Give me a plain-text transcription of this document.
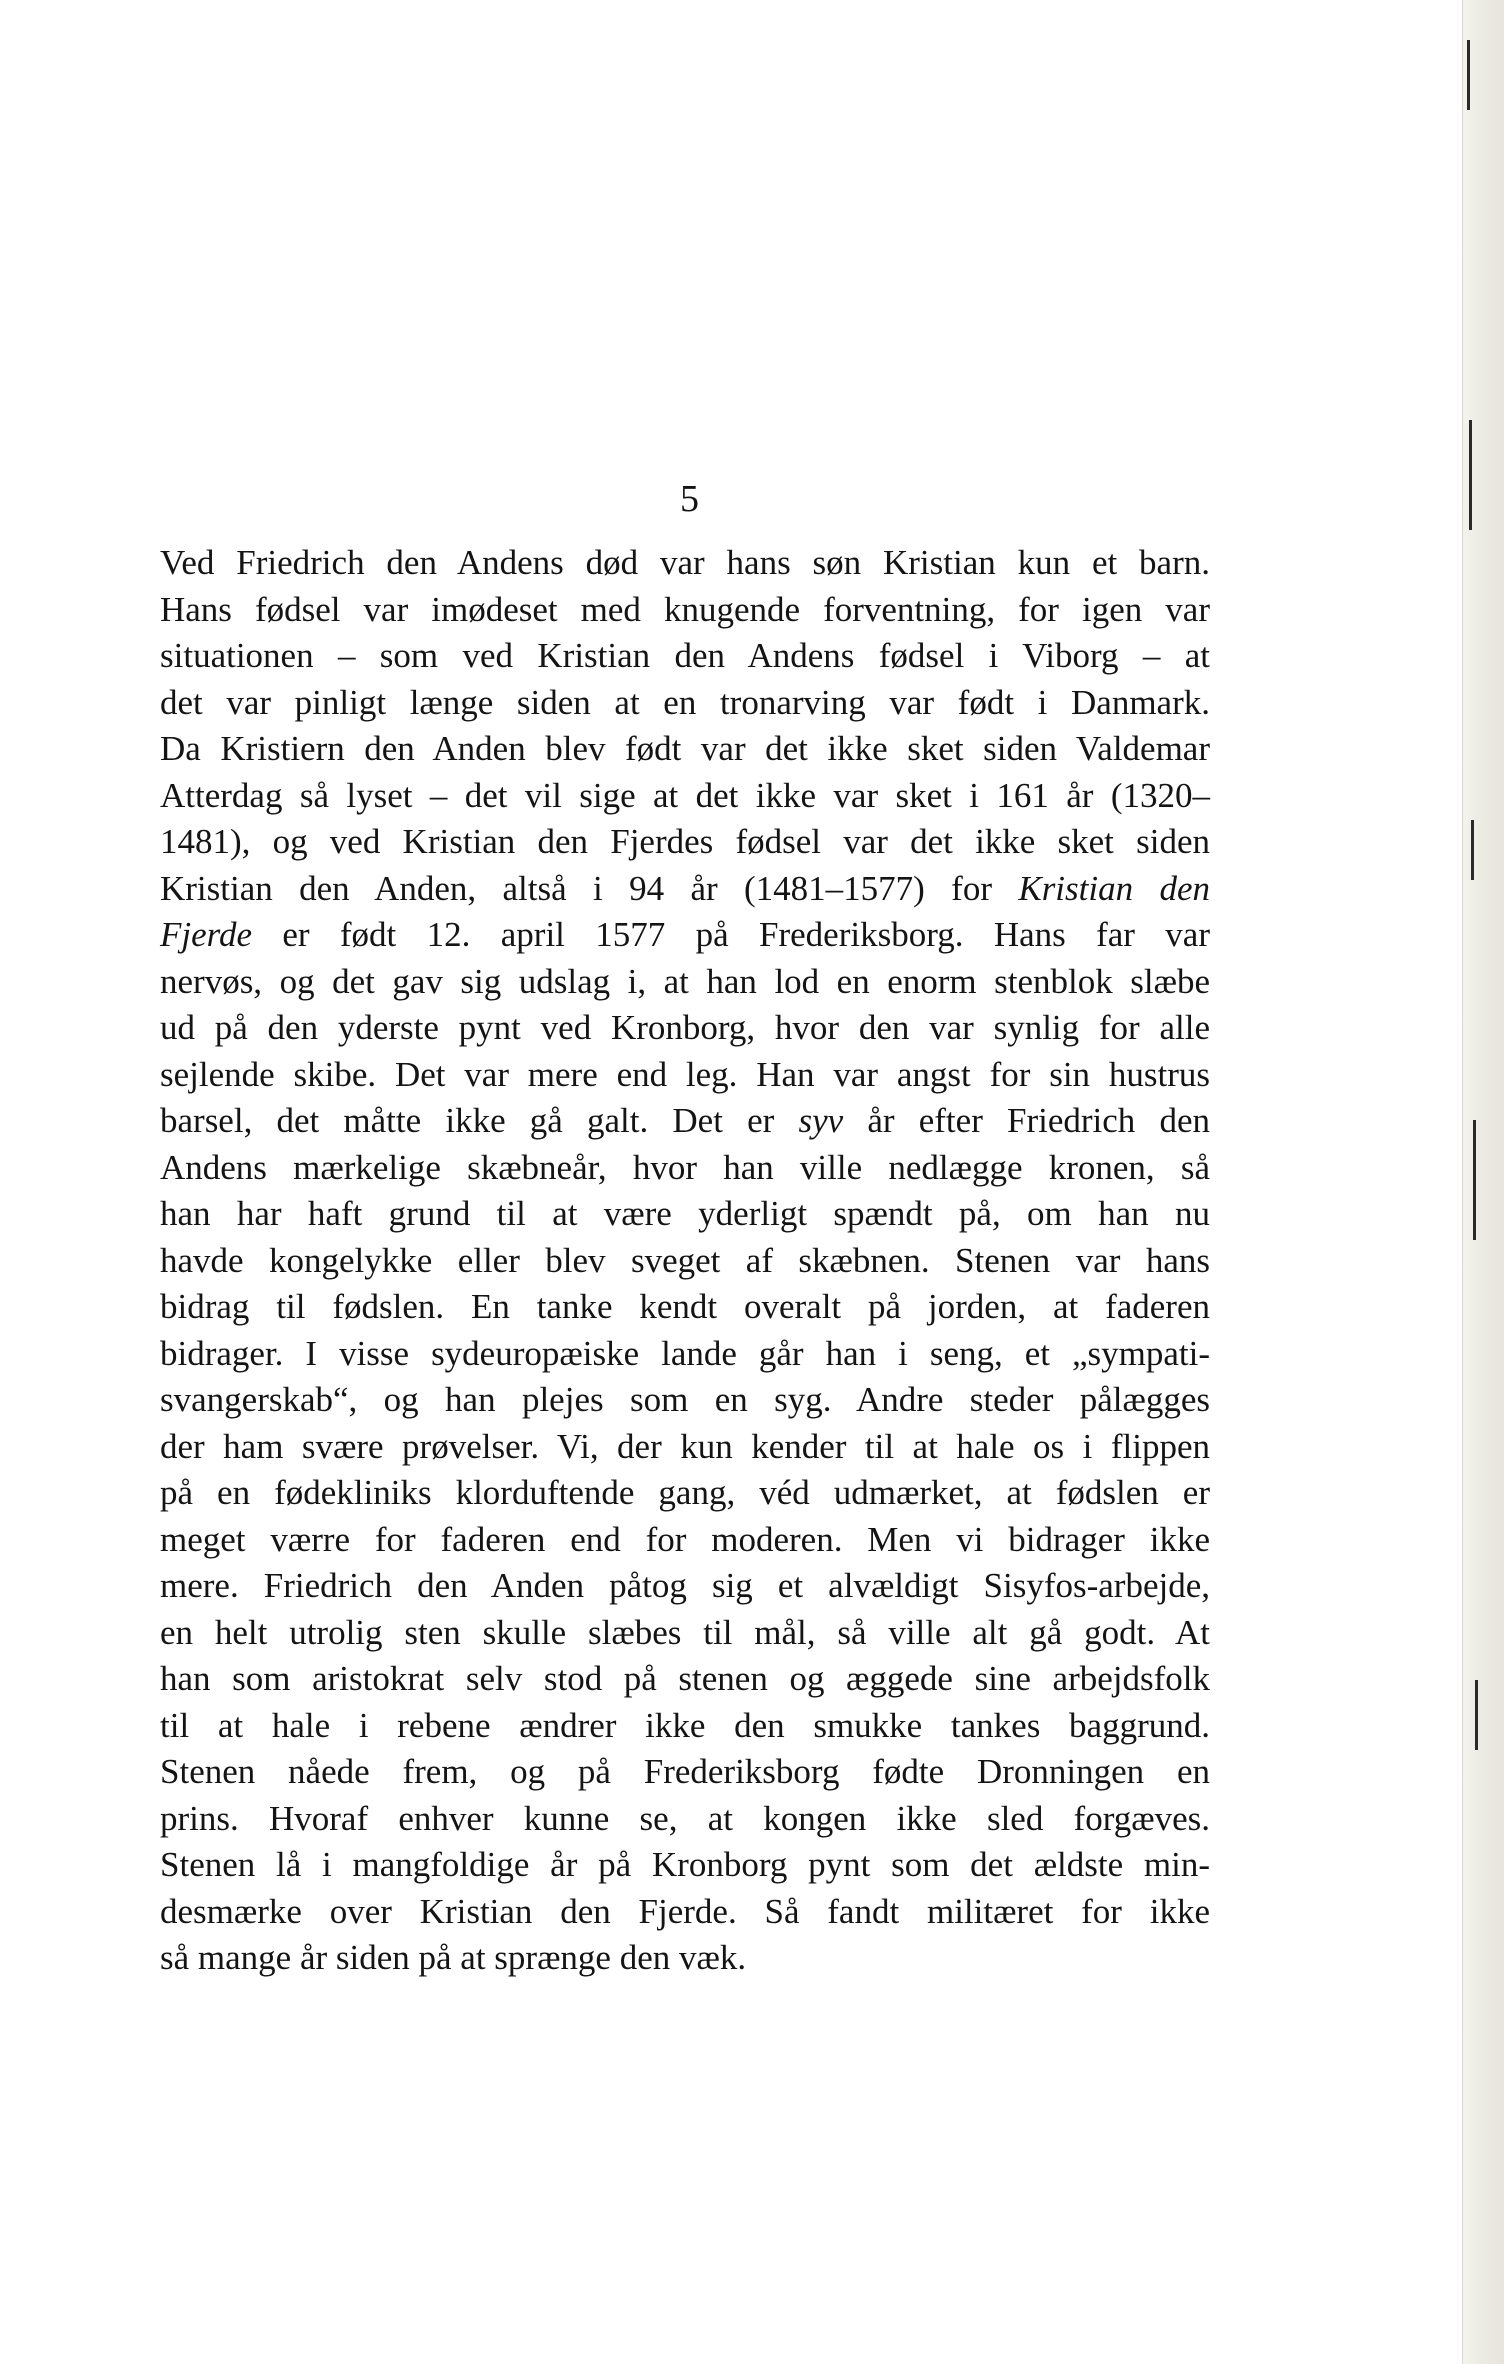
5
Ved Friedrich den Andens død var hans søn Kristian kun et barn.
Hans fødsel var imødeset med knugende forventning, for igen var
situationen – som ved Kristian den Andens fødsel i Viborg – at
det var pinligt længe siden at en tronarving var født i Danmark.
Da Kristiern den Anden blev født var det ikke sket siden Valdemar
Atterdag så lyset – det vil sige at det ikke var sket i 161 år (1320–
1481), og ved Kristian den Fjerdes fødsel var det ikke sket siden
Kristian den Anden, altså i 94 år (1481–1577) for Kristian den
Fjerde er født 12. april 1577 på Frederiksborg. Hans far var
nervøs, og det gav sig udslag i, at han lod en enorm stenblok slæbe
ud på den yderste pynt ved Kronborg, hvor den var synlig for alle
sejlende skibe. Det var mere end leg. Han var angst for sin hustrus
barsel, det måtte ikke gå galt. Det er syv år efter Friedrich den
Andens mærkelige skæbneår, hvor han ville nedlægge kronen, så
han har haft grund til at være yderligt spændt på, om han nu
havde kongelykke eller blev sveget af skæbnen. Stenen var hans
bidrag til fødslen. En tanke kendt overalt på jorden, at faderen
bidrager. I visse sydeuropæiske lande går han i seng, et „sympati-
svangerskab“, og han plejes som en syg. Andre steder pålægges
der ham svære prøvelser. Vi, der kun kender til at hale os i flippen
på en fødekliniks klorduftende gang, véd udmærket, at fødslen er
meget værre for faderen end for moderen. Men vi bidrager ikke
mere. Friedrich den Anden påtog sig et alvældigt Sisyfos-arbejde,
en helt utrolig sten skulle slæbes til mål, så ville alt gå godt. At
han som aristokrat selv stod på stenen og æggede sine arbejdsfolk
til at hale i rebene ændrer ikke den smukke tankes baggrund.
Stenen nåede frem, og på Frederiksborg fødte Dronningen en
prins. Hvoraf enhver kunne se, at kongen ikke sled forgæves.
Stenen lå i mangfoldige år på Kronborg pynt som det ældste min-
desmærke over Kristian den Fjerde. Så fandt militæret for ikke
så mange år siden på at sprænge den væk.
